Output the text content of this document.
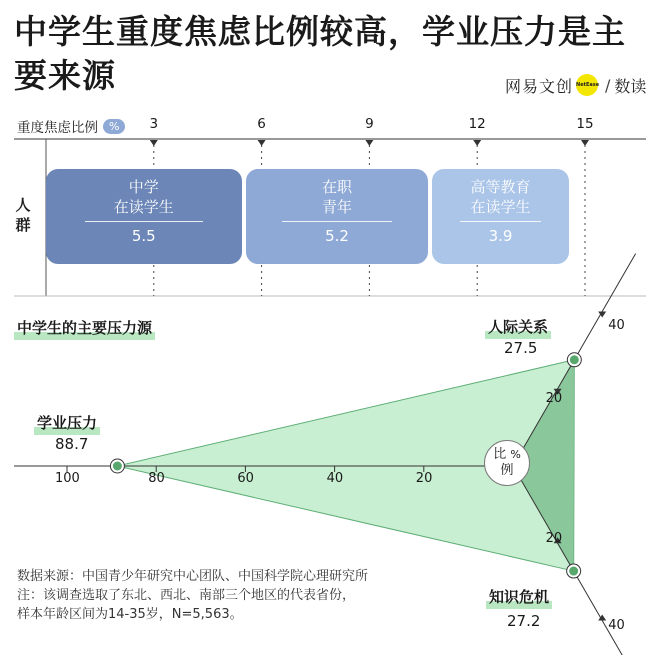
中学生重度焦虑比例较高，学业压力是主要来源	网易文创 NetEase / 数读
重度焦虑比例	%	3	6	9	12	15
人群
中学
在读学生
5.5
在职
青年
5.2
高等教育
在读学生
3.9
中学生的主要压力源
学业压力
88.7
人际关系
27.5
知识危机
27.2
100	80	60	40	20
40
20
20
40
比 %
例
数据来源：中国青少年研究中心团队、中国科学院心理研究所
注：该调查选取了东北、西北、南部三个地区的代表省份，
样本年龄区间为14-35岁，N=5,563。
